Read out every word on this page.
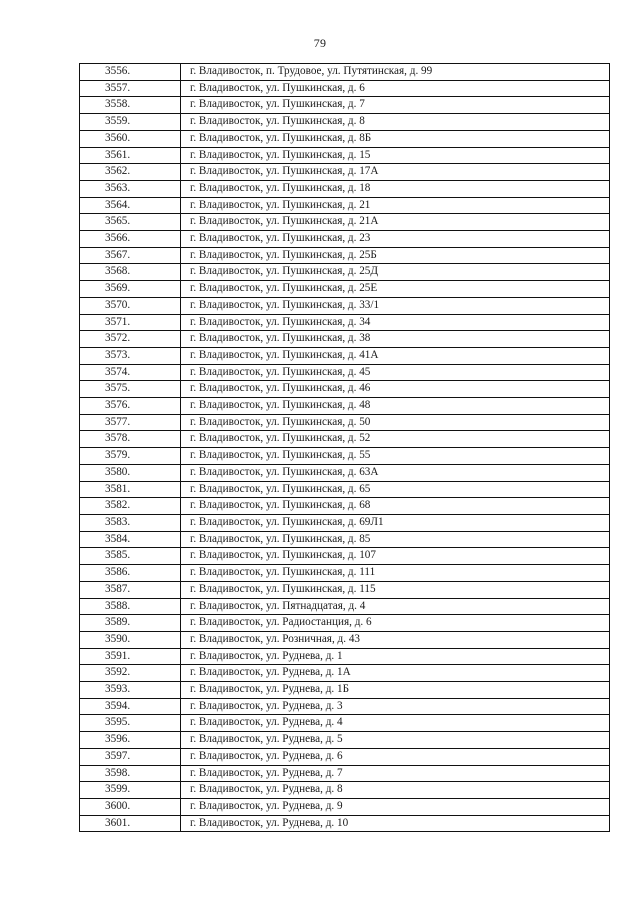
79
3556.	г. Владивосток, п. Трудовое, ул. Путятинская, д. 99
3557.	г. Владивосток, ул. Пушкинская, д. 6
3558.	г. Владивосток, ул. Пушкинская, д. 7
3559.	г. Владивосток, ул. Пушкинская, д. 8
3560.	г. Владивосток, ул. Пушкинская, д. 8Б
3561.	г. Владивосток, ул. Пушкинская, д. 15
3562.	г. Владивосток, ул. Пушкинская, д. 17А
3563.	г. Владивосток, ул. Пушкинская, д. 18
3564.	г. Владивосток, ул. Пушкинская, д. 21
3565.	г. Владивосток, ул. Пушкинская, д. 21А
3566.	г. Владивосток, ул. Пушкинская, д. 23
3567.	г. Владивосток, ул. Пушкинская, д. 25Б
3568.	г. Владивосток, ул. Пушкинская, д. 25Д
3569.	г. Владивосток, ул. Пушкинская, д. 25Е
3570.	г. Владивосток, ул. Пушкинская, д. 33/1
3571.	г. Владивосток, ул. Пушкинская, д. 34
3572.	г. Владивосток, ул. Пушкинская, д. 38
3573.	г. Владивосток, ул. Пушкинская, д. 41А
3574.	г. Владивосток, ул. Пушкинская, д. 45
3575.	г. Владивосток, ул. Пушкинская, д. 46
3576.	г. Владивосток, ул. Пушкинская, д. 48
3577.	г. Владивосток, ул. Пушкинская, д. 50
3578.	г. Владивосток, ул. Пушкинская, д. 52
3579.	г. Владивосток, ул. Пушкинская, д. 55
3580.	г. Владивосток, ул. Пушкинская, д. 63А
3581.	г. Владивосток, ул. Пушкинская, д. 65
3582.	г. Владивосток, ул. Пушкинская, д. 68
3583.	г. Владивосток, ул. Пушкинская, д. 69Л1
3584.	г. Владивосток, ул. Пушкинская, д. 85
3585.	г. Владивосток, ул. Пушкинская, д. 107
3586.	г. Владивосток, ул. Пушкинская, д. 111
3587.	г. Владивосток, ул. Пушкинская, д. 115
3588.	г. Владивосток, ул. Пятнадцатая, д. 4
3589.	г. Владивосток, ул. Радиостанция, д. 6
3590.	г. Владивосток, ул. Розничная, д. 43
3591.	г. Владивосток, ул. Руднева, д. 1
3592.	г. Владивосток, ул. Руднева, д. 1А
3593.	г. Владивосток, ул. Руднева, д. 1Б
3594.	г. Владивосток, ул. Руднева, д. 3
3595.	г. Владивосток, ул. Руднева, д. 4
3596.	г. Владивосток, ул. Руднева, д. 5
3597.	г. Владивосток, ул. Руднева, д. 6
3598.	г. Владивосток, ул. Руднева, д. 7
3599.	г. Владивосток, ул. Руднева, д. 8
3600.	г. Владивосток, ул. Руднева, д. 9
3601.	г. Владивосток, ул. Руднева, д. 10
